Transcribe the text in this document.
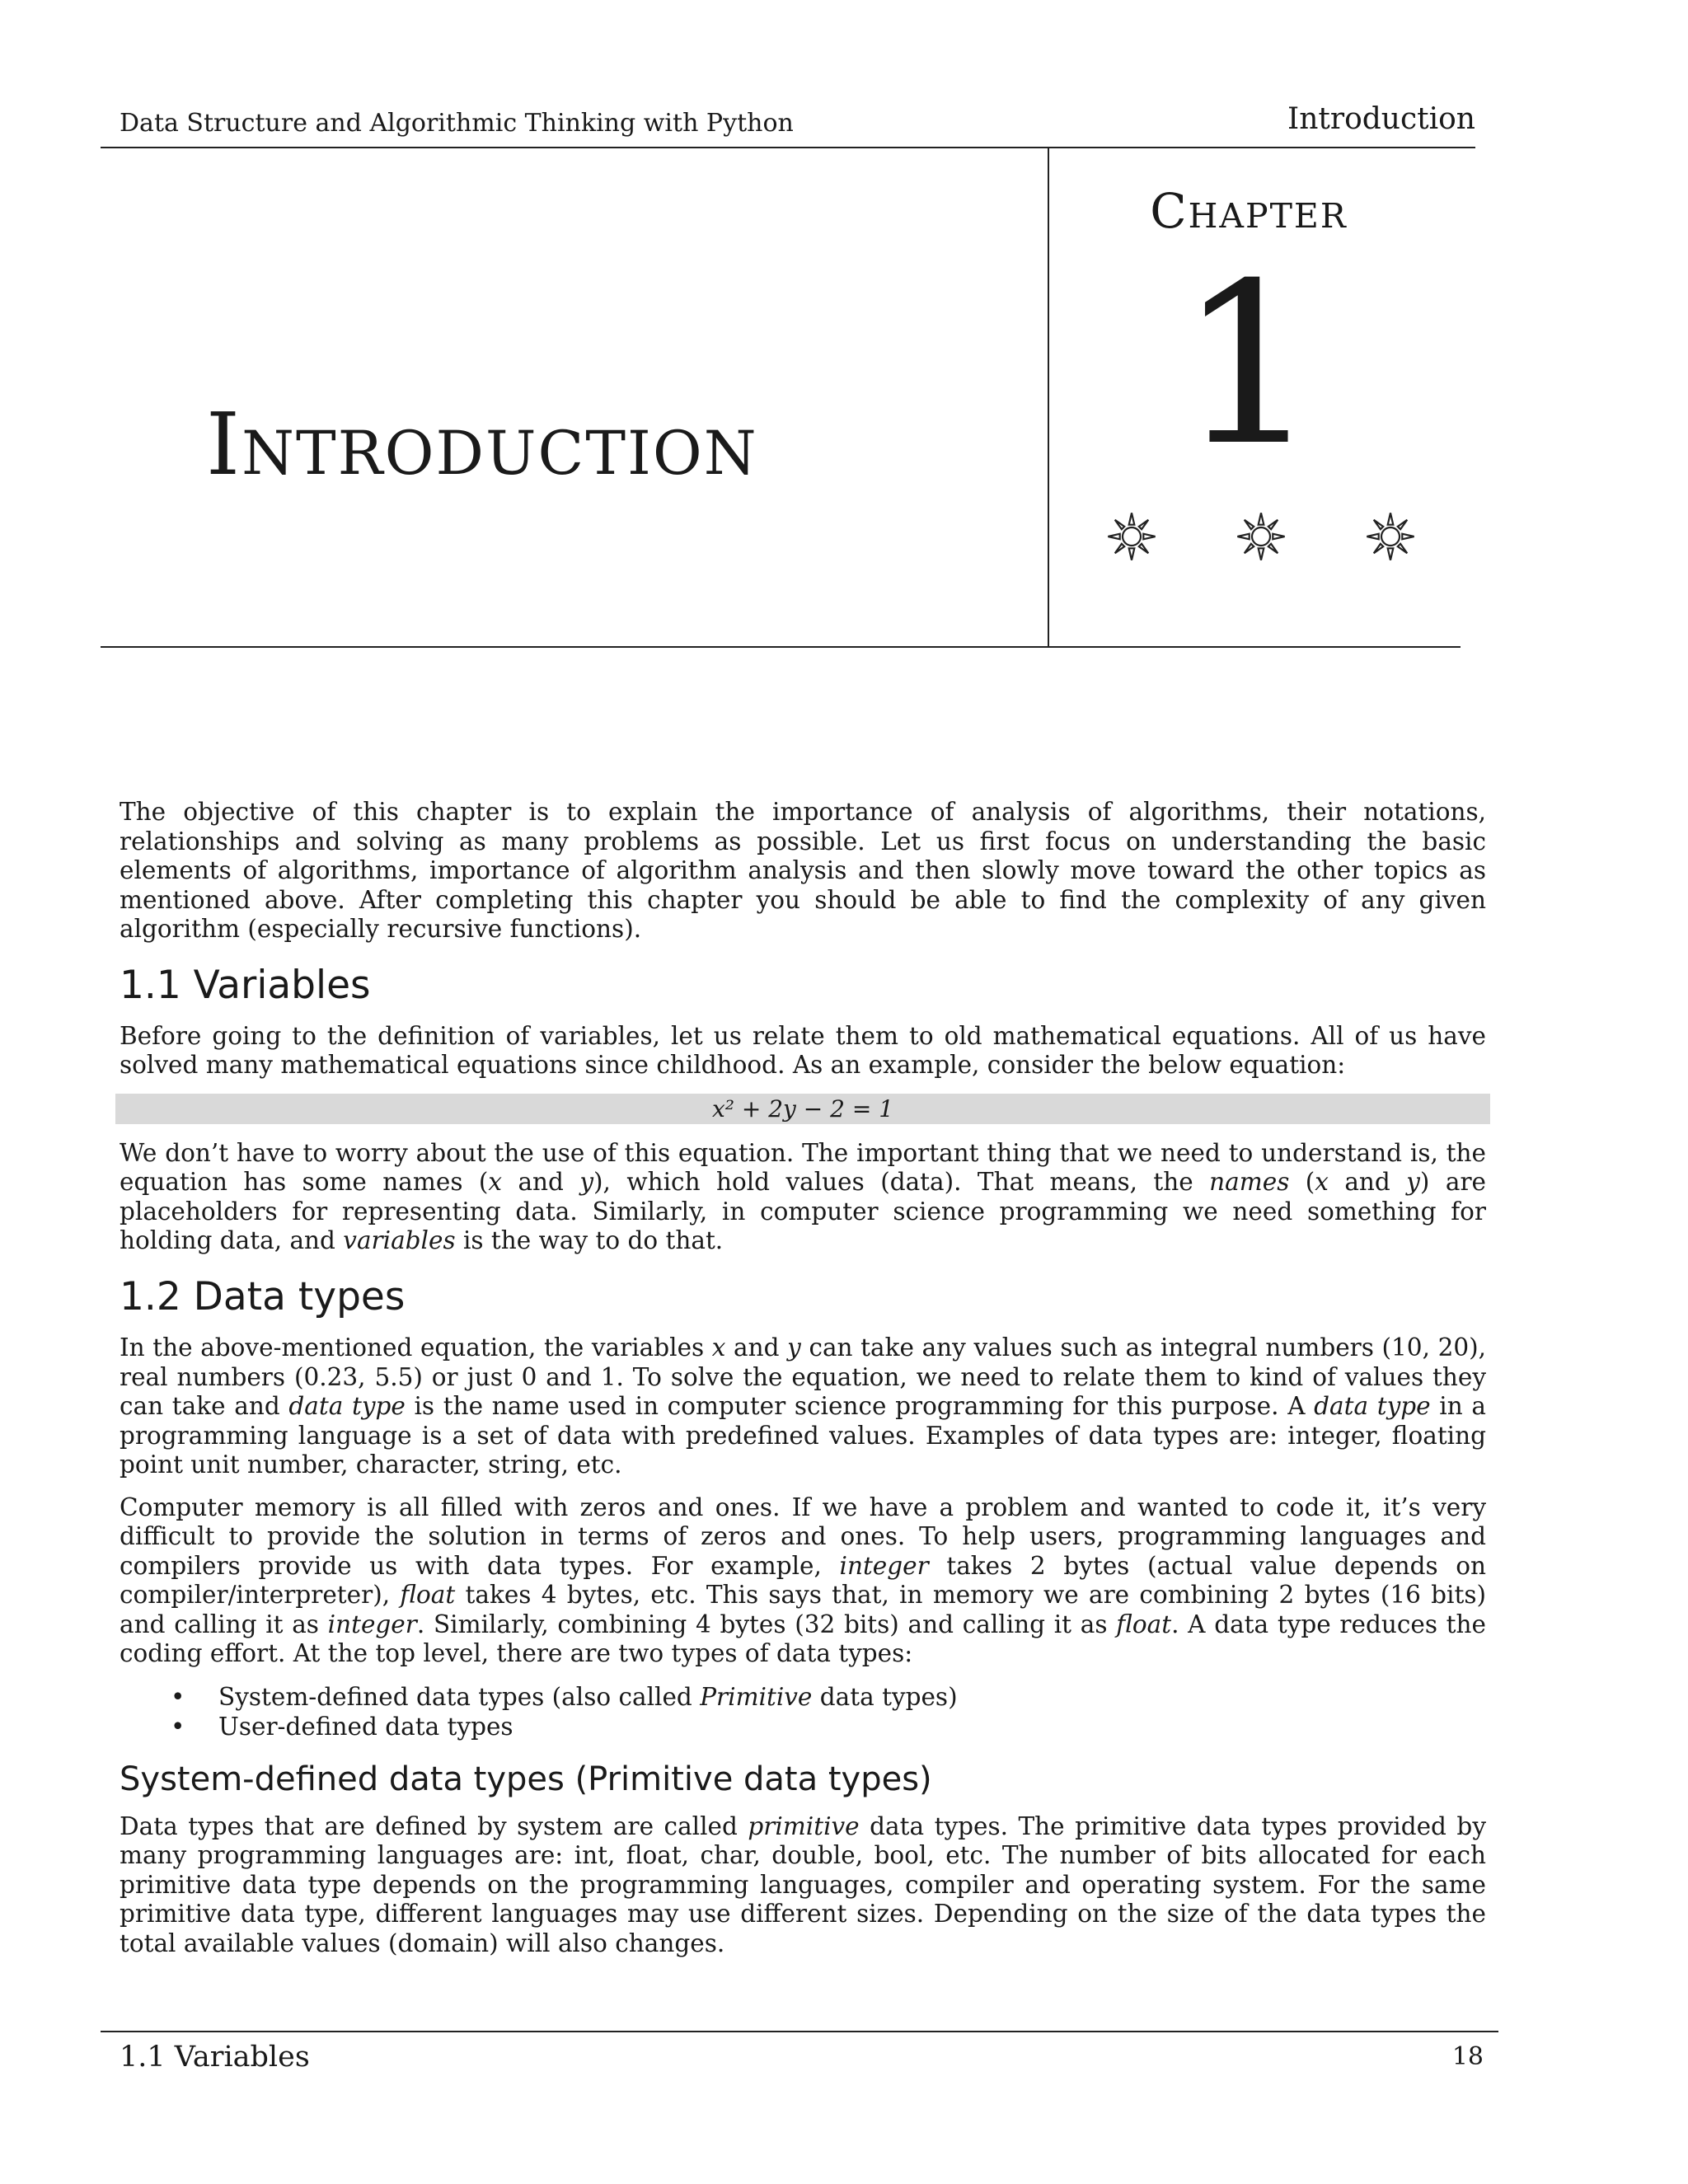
Data Structure and Algorithmic Thinking with Python	Introduction
Introduction
Chapter
1

The objective of this chapter is to explain the importance of analysis of algorithms, their notations, relationships and solving as many problems as possible. Let us first focus on understanding the basic elements of algorithms, importance of algorithm analysis and then slowly move toward the other topics as mentioned above. After completing this chapter you should be able to find the complexity of any given algorithm (especially recursive functions).

1.1 Variables

Before going to the definition of variables, let us relate them to old mathematical equations. All of us have solved many mathematical equations since childhood. As an example, consider the below equation:

x² + 2y − 2 = 1

We don’t have to worry about the use of this equation. The important thing that we need to understand is, the equation has some names (x and y), which hold values (data). That means, the names (x and y) are placeholders for representing data. Similarly, in computer science programming we need something for holding data, and variables is the way to do that.

1.2 Data types

In the above-mentioned equation, the variables x and y can take any values such as integral numbers (10, 20), real numbers (0.23, 5.5) or just 0 and 1. To solve the equation, we need to relate them to kind of values they can take and data type is the name used in computer science programming for this purpose. A data type in a programming language is a set of data with predefined values. Examples of data types are: integer, floating point unit number, character, string, etc.

Computer memory is all filled with zeros and ones. If we have a problem and wanted to code it, it’s very difficult to provide the solution in terms of zeros and ones. To help users, programming languages and compilers provide us with data types. For example, integer takes 2 bytes (actual value depends on compiler/interpreter), float takes 4 bytes, etc. This says that, in memory we are combining 2 bytes (16 bits) and calling it as integer. Similarly, combining 4 bytes (32 bits) and calling it as float. A data type reduces the coding effort. At the top level, there are two types of data types:

• System-defined data types (also called Primitive data types)
• User-defined data types
System-defined data types (Primitive data types)

Data types that are defined by system are called primitive data types. The primitive data types provided by many programming languages are: int, float, char, double, bool, etc. The number of bits allocated for each primitive data type depends on the programming languages, compiler and operating system. For the same primitive data type, different languages may use different sizes. Depending on the size of the data types the total available values (domain) will also changes.

1.1 Variables	18
